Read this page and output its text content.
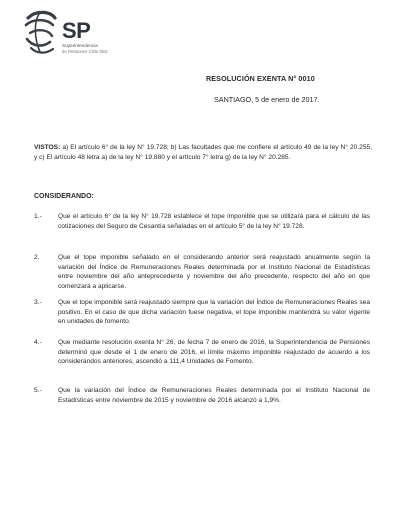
SP
Superintendencia
de Pensiones Chile SBS
RESOLUCIÓN EXENTA N° 0010
SANTIAGO, 5 de enero de 2017.
VISTOS: a) El artículo 6° de la ley N° 19.728; b) Las facultades que me confiere el artículo 49 de la ley N° 20.255, y c) El artículo 48 letra a) de la ley N° 19.880 y el artículo 7° letra g) de la ley N° 20.285.
CONSIDERANDO:
1.-	Que el artículo 6° de la ley N° 19.728 establece el tope imponible que se utilizará para el cálculo de las cotizaciones del Seguro de Cesantía señaladas en el artículo 5° de la ley N° 19.728.
2.	Que el tope imponible señalado en el considerando anterior será reajustado anualmente según la variación del Índice de Remuneraciones Reales determinada por el Instituto Nacional de Estadísticas entre noviembre del año anteprecedente y noviembre del año precedente, respecto del año en que comenzará a aplicarse.
3.-	Que el tope imponible será reajustado siempre que la variación del Índice de Remuneraciones Reales sea positivo. En el caso de que dicha variación fuese negativa, el tope imponible mantendrá su valor vigente en unidades de fomento.
4.-	Que mediante resolución exenta N° 26, de fecha 7 de enero de 2016, la Superintendencia de Pensiones determinó que desde el 1 de enero de 2016, el límite máximo imponible reajustado de acuerdo a los considerandos anteriores, ascendió a 111,4 Unidades de Fomento.
5.-	Que la variación del Índice de Remuneraciones Reales determinada por el Instituto Nacional de Estadísticas entre noviembre de 2015 y noviembre de 2016 alcanzó a 1,9%.
